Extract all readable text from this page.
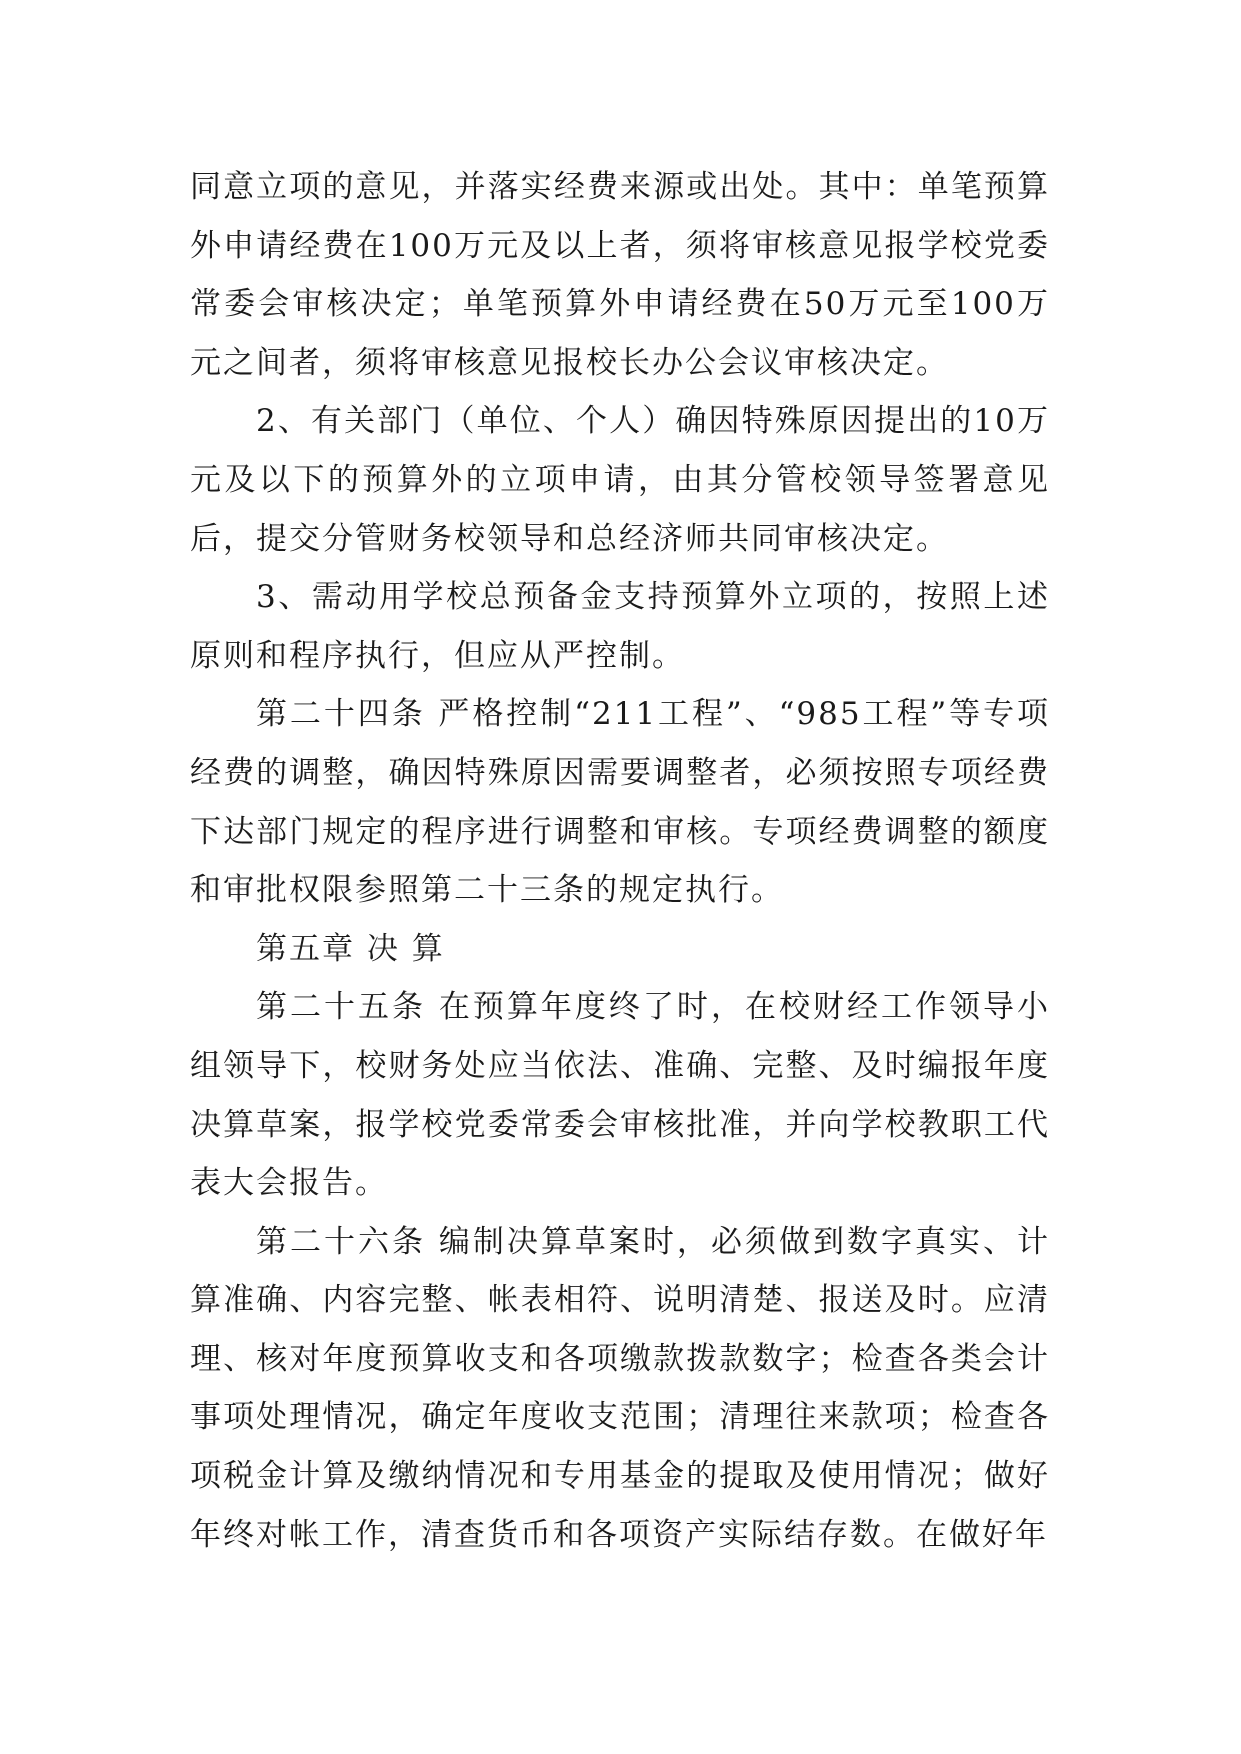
同意立项的意见，并落实经费来源或出处。其中：单笔预算外申请经费在100万元及以上者，须将审核意见报学校党委常委会审核决定；单笔预算外申请经费在50万元至100万元之间者，须将审核意见报校长办公会议审核决定。

2、有关部门（单位、个人）确因特殊原因提出的10万元及以下的预算外的立项申请，由其分管校领导签署意见后，提交分管财务校领导和总经济师共同审核决定。

3、需动用学校总预备金支持预算外立项的，按照上述原则和程序执行，但应从严控制。

第二十四条 严格控制“211工程”、“985工程”等专项经费的调整，确因特殊原因需要调整者，必须按照专项经费下达部门规定的程序进行调整和审核。专项经费调整的额度和审批权限参照第二十三条的规定执行。

第五章 决 算

第二十五条 在预算年度终了时，在校财经工作领导小组领导下，校财务处应当依法、准确、完整、及时编报年度决算草案，报学校党委常委会审核批准，并向学校教职工代表大会报告。

第二十六条 编制决算草案时，必须做到数字真实、计算准确、内容完整、帐表相符、说明清楚、报送及时。应清理、核对年度预算收支和各项缴款拨款数字；检查各类会计事项处理情况，确定年度收支范围；清理往来款项；检查各项税金计算及缴纳情况和专用基金的提取及使用情况；做好年终对帐工作，清查货币和各项资产实际结存数。在做好年
